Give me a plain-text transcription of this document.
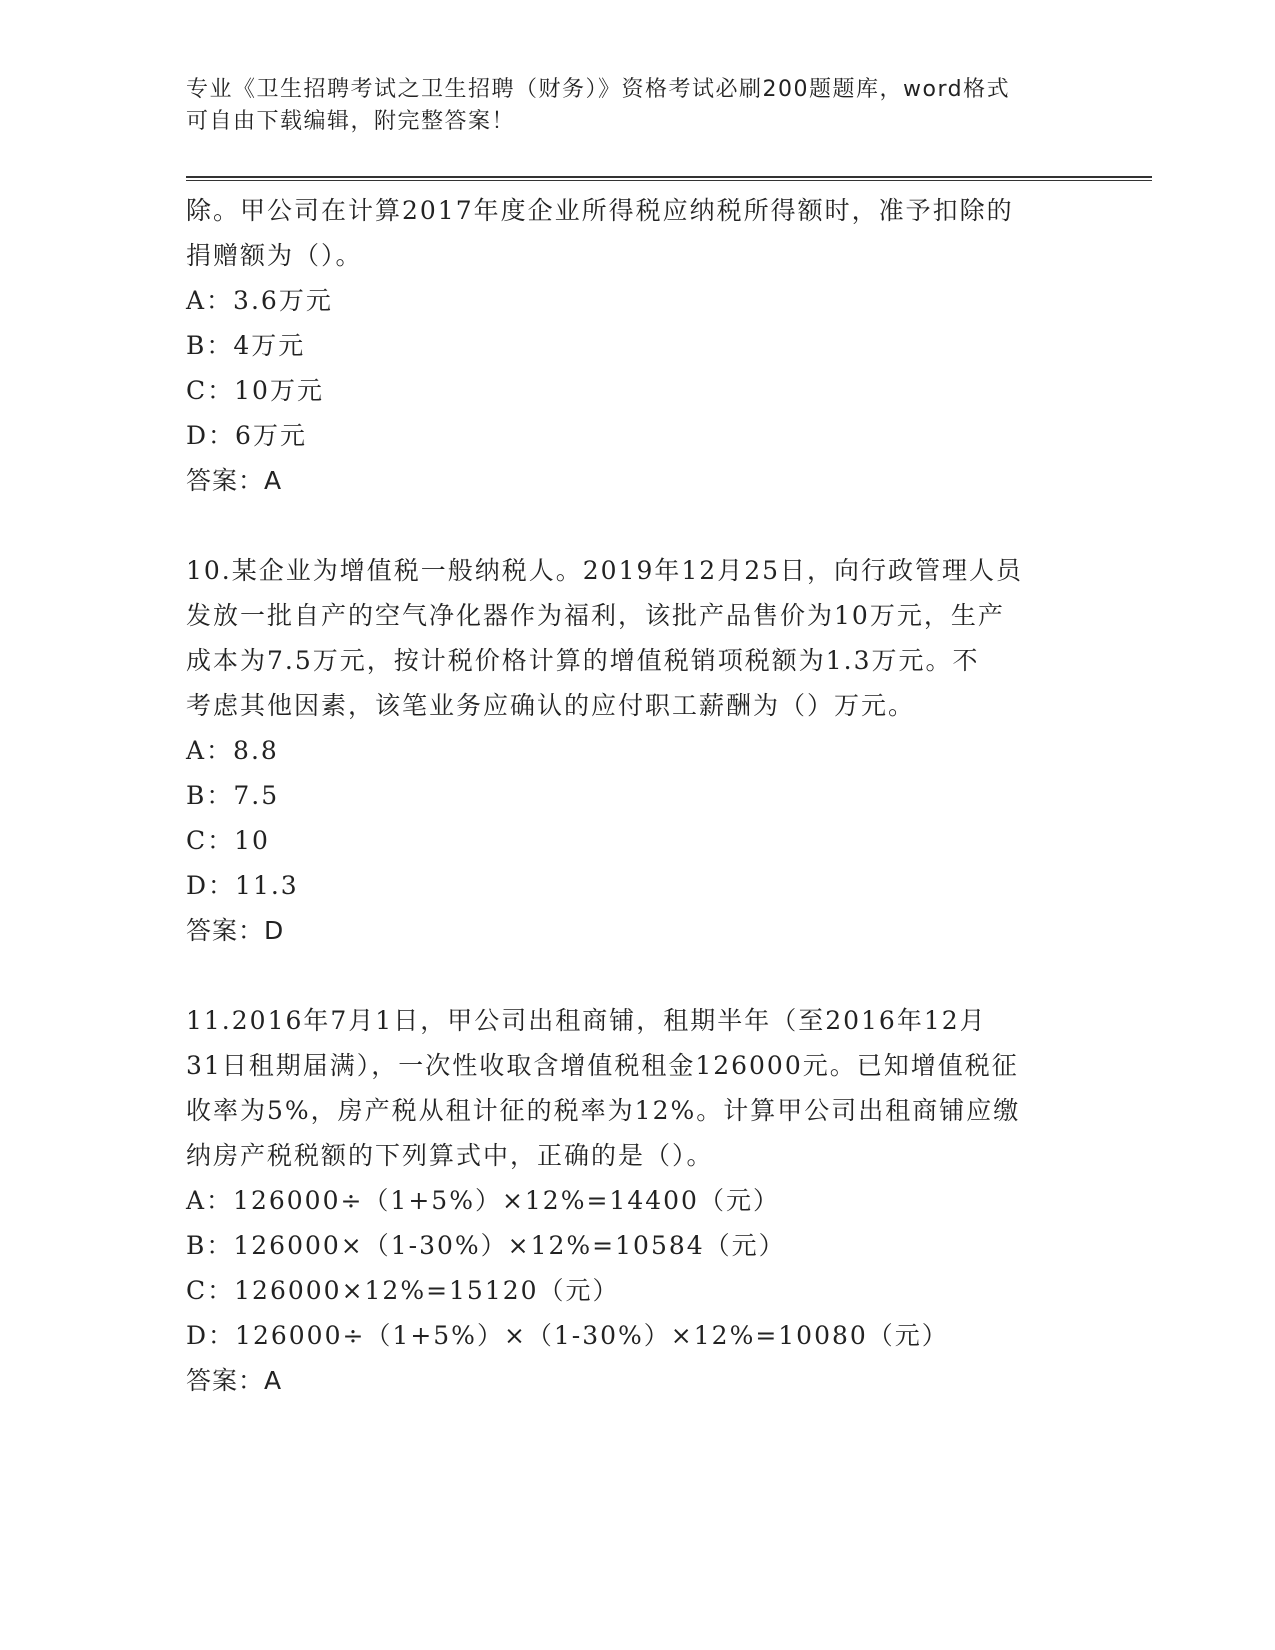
专业《卫生招聘考试之卫生招聘（财务）》资格考试必刷200题题库，word格式
可自由下载编辑，附完整答案！

除。甲公司在计算2017年度企业所得税应纳税所得额时，准予扣除的

捐赠额为（）。

A：3.6万元

B：4万元

C：10万元

D：6万元

答案：A

10.某企业为增值税一般纳税人。2019年12月25日，向行政管理人员

发放一批自产的空气净化器作为福利，该批产品售价为10万元，生产

成本为7.5万元，按计税价格计算的增值税销项税额为1.3万元。不

考虑其他因素，该笔业务应确认的应付职工薪酬为（）万元。

A：8.8

B：7.5

C：10

D：11.3

答案：D

11.2016年7月1日，甲公司出租商铺，租期半年（至2016年12月

31日租期届满），一次性收取含增值税租金126000元。已知增值税征

收率为5%，房产税从租计征的税率为12%。计算甲公司出租商铺应缴

纳房产税税额的下列算式中，正确的是（）。

A：126000÷（1+5%）×12%=14400（元）

B：126000×（1-30%）×12%=10584（元）

C：126000×12%=15120（元）

D：126000÷（1+5%）×（1-30%）×12%=10080（元）

答案：A
